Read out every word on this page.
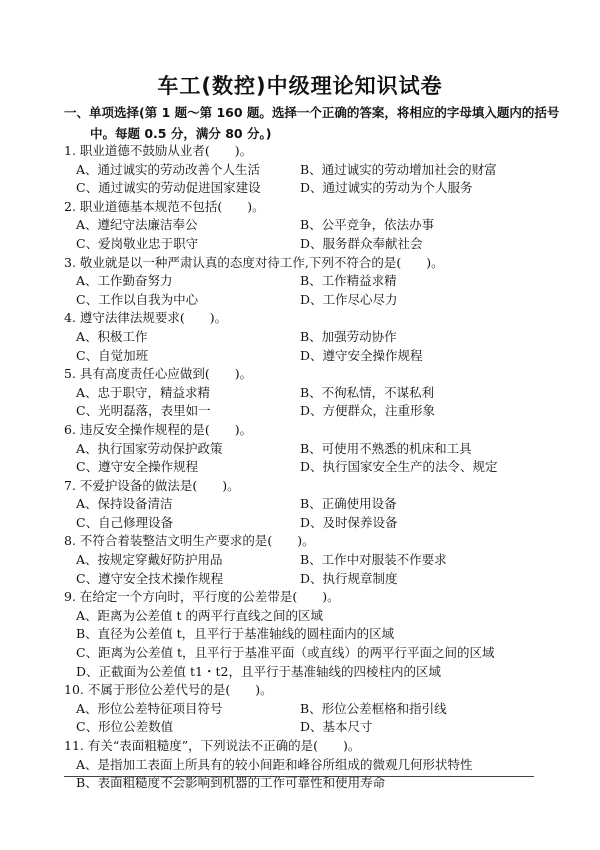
车工(数控)中级理论知识试卷
一、单项选择(第 1 题～第 160 题。选择一个正确的答案，将相应的字母填入题内的括号
中。每题 0.5 分，满分 80 分。)
1. 职业道德不鼓励从业者(　　)。
A、通过诚实的劳动改善个人生活	B、通过诚实的劳动增加社会的财富
C、通过诚实的劳动促进国家建设	D、通过诚实的劳动为个人服务
2. 职业道德基本规范不包括(　　)。
A、遵纪守法廉洁奉公	B、公平竞争，依法办事
C、爱岗敬业忠于职守	D、服务群众奉献社会
3. 敬业就是以一种严肃认真的态度对待工作,下列不符合的是(　　)。
A、工作勤奋努力	B、工作精益求精
C、工作以自我为中心	D、工作尽心尽力
4. 遵守法律法规要求(　　)。
A、积极工作	B、加强劳动协作
C、自觉加班	D、遵守安全操作规程
5. 具有高度责任心应做到(　　)。
A、忠于职守，精益求精	B、不徇私情，不谋私利
C、光明磊落，表里如一	D、方便群众，注重形象
6. 违反安全操作规程的是(　　)。
A、执行国家劳动保护政策	B、可使用不熟悉的机床和工具
C、遵守安全操作规程	D、执行国家安全生产的法令、规定
7. 不爱护设备的做法是(　　)。
A、保持设备清洁	B、正确使用设备
C、自己修理设备	D、及时保养设备
8. 不符合着装整洁文明生产要求的是(　　)。
A、按规定穿戴好防护用品	B、工作中对服装不作要求
C、遵守安全技术操作规程	D、执行规章制度
9. 在给定一个方向时，平行度的公差带是(　　)。
A、距离为公差值 t 的两平行直线之间的区域
B、直径为公差值 t，且平行于基准轴线的圆柱面内的区域
C、距离为公差值 t，且平行于基准平面（或直线）的两平行平面之间的区域
D、正截面为公差值 t1・t2，且平行于基准轴线的四棱柱内的区域
10. 不属于形位公差代号的是(　　)。
A、形位公差特征项目符号	B、形位公差框格和指引线
C、形位公差数值	D、基本尺寸
11. 有关“表面粗糙度”，下列说法不正确的是(　　)。
A、是指加工表面上所具有的较小间距和峰谷所组成的微观几何形状特性
B、表面粗糙度不会影响到机器的工作可靠性和使用寿命
